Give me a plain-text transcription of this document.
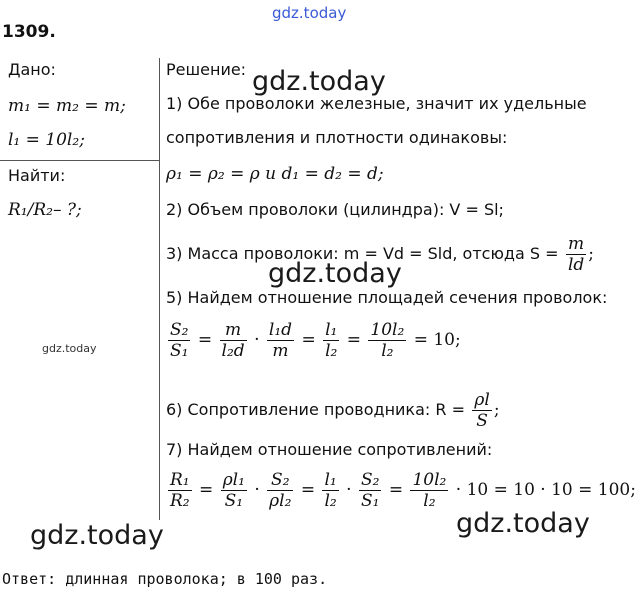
gdz.today
1309.
Дано:
m₁ = m₂ = m;
l₁ = 10l₂;
Найти:
R₁/R₂– ?;
Решение:
1) Обе проволоки железные, значит их удельные
сопротивления и плотности одинаковы:
ρ₁ = ρ₂ = ρ и d₁ = d₂ = d;
2) Объем проволоки (цилиндра): V = Sl;
3) Масса проволоки: m = Vd = Sld, отсюда $S = \frac{m}{ld}$ ;
5) Найдем отношение площадей сечения проволок:
$\frac{\text{S₂}}{\text{S₁}} = \frac{m}{\text{l₂d}} \cdot \frac{\text{l₁d}}{m} = \frac{\text{l₁}}{\text{l₂}} = \frac{\text{10l₂}}{\text{l₂}} = 10$;
6) Сопротивление проводника: $R = \frac{\rho l}{S}$ ;
7) Найдем отношение сопротивлений:
$\frac{\text{R₁}}{\text{R₂}} = \frac{\text{ρl₁}}{\text{S₁}} \cdot \frac{\text{S₂}}{\text{ρl₂}} = \frac{\text{l₁}}{\text{l₂}} \cdot \frac{\text{S₂}}{\text{S₁}} = \frac{\text{10l₂}}{\text{l₂}} \cdot 10 = 10 \cdot 10 = 100$;
Ответ: длинная проволока; в 100 раз.
gdz.today
gdz.today
gdz.today	gdz.today
gdz.today
